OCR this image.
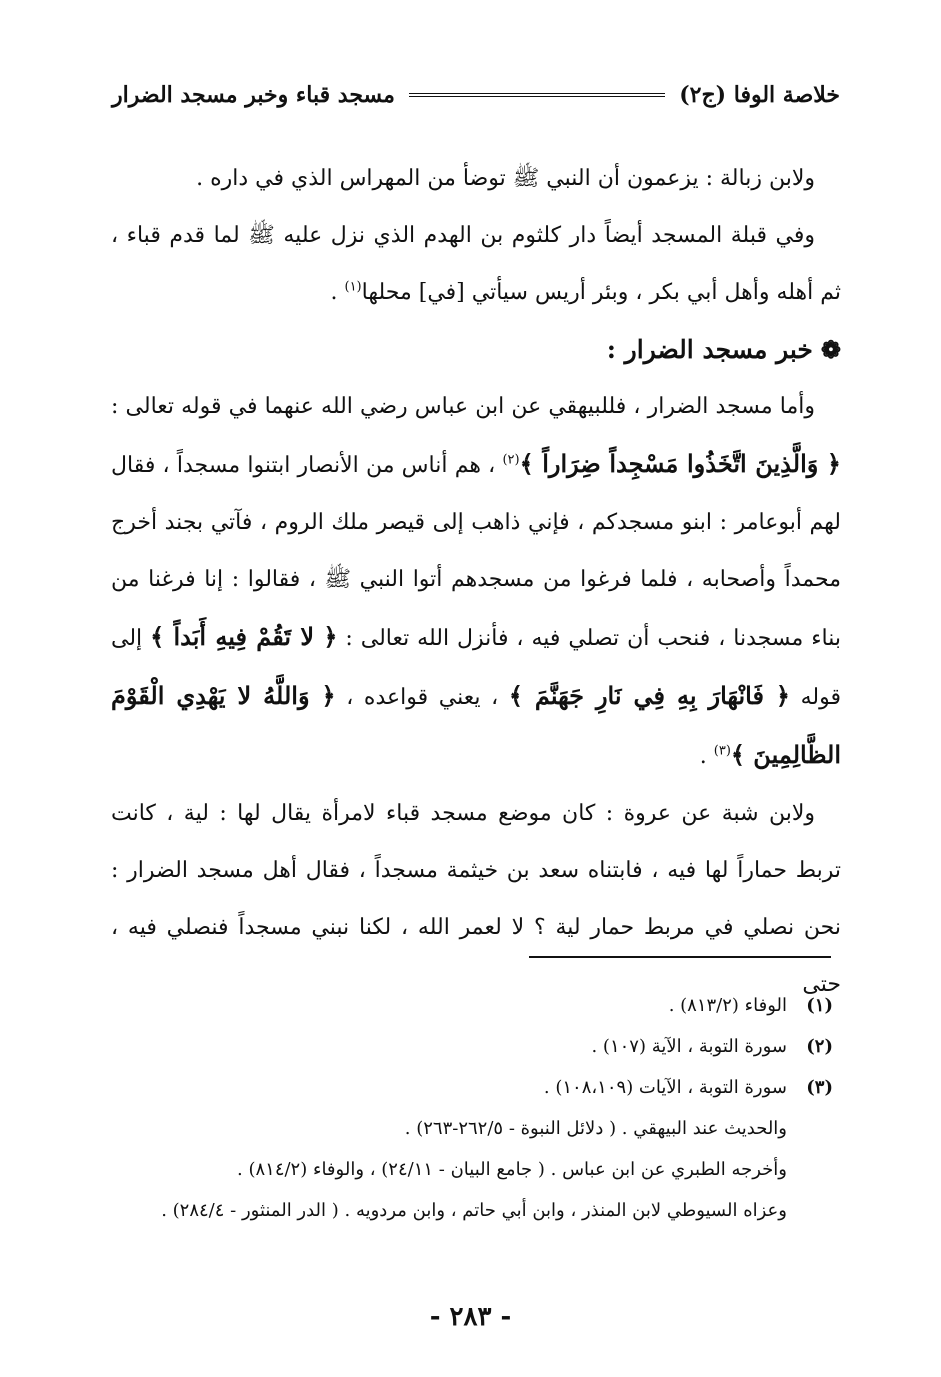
خلاصة الوفا (ج٢)
مسجد قباء وخبر مسجد الضرار

ولابن زبالة : يزعمون أن النبي ﷺ توضأ من المهراس الذي في داره .

وفي قبلة المسجد أيضاً دار كلثوم بن الهدم الذي نزل عليه ﷺ لما قدم قباء ، ثم أهله وأهل أبي بكر ، وبئر أريس سيأتي [في] محلها$^{(١)}$ .

❁خبر مسجد الضرار :

وأما مسجد الضرار ، فللبيهقي عن ابن عباس رضي الله عنهما في قوله تعالى : ﴿ وَالَّذِينَ اتَّخَذُوا مَسْجِداً ضِرَاراً ﴾$^{(٢)}$ ، هم أناس من الأنصار ابتنوا مسجداً ، فقال لهم أبوعامر : ابنو مسجدكم ، فإني ذاهب إلى قيصر ملك الروم ، فآتي بجند أخرج محمداً وأصحابه ، فلما فرغوا من مسجدهم أتوا النبي ﷺ ، فقالوا : إنا فرغنا من بناء مسجدنا ، فنحب أن تصلي فيه ، فأنزل الله تعالى : ﴿ لا تَقُمْ فِيهِ أَبَداً ﴾ إلى قوله ﴿ فَانْهَارَ بِهِ فِي نَارِ جَهَنَّمَ ﴾ ، يعني قواعده ، ﴿ وَاللَّهُ لا يَهْدِي الْقَوْمَ الظَّالِمِينَ ﴾$^{(٣)}$ .

ولابن شبة عن عروة : كان موضع مسجد قباء لامرأة يقال لها : لية ، كانت تربط حماراً لها فيه ، فابتناه سعد بن خيثمة مسجداً ، فقال أهل مسجد الضرار : نحن نصلي في مربط حمار لية ؟ لا لعمر الله ، لكنا نبني مسجداً فنصلي فيه ، حتى

(١)
الوفاء (٨١٣/٢) .
(٢)
سورة التوبة ، الآية (١٠٧) .
(٣)
سورة التوبة ، الآيات (١٠٨،١٠٩) .
والحديث عند البيهقي . ( دلائل النبوة - ٢٦٢/٥-٢٦٣) .
وأخرجه الطبري عن ابن عباس . ( جامع البيان - ٢٤/١١) ، والوفاء (٨١٤/٢) .
وعزاه السيوطي لابن المنذر ، وابن أبي حاتم ، وابن مردويه . ( الدر المنثور - ٢٨٤/٤) .
- ٢٨٣ -
